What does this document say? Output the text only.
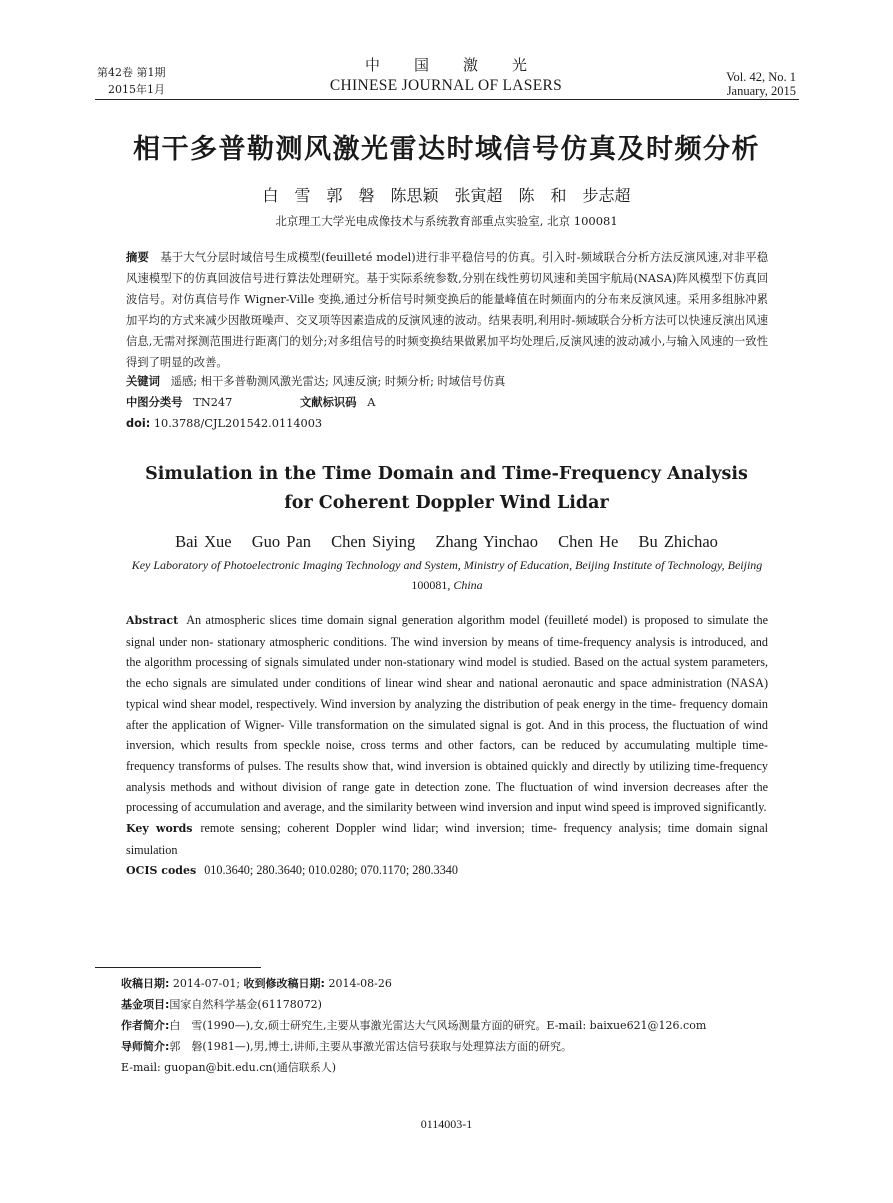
第42卷 第1期
2015年1月
中国激光
CHINESE JOURNAL OF LASERS	Vol. 42, No. 1
January, 2015
相干多普勒测风激光雷达时域信号仿真及时频分析
白　雪　郭　磐　陈思颖　张寅超　陈　和　步志超
北京理工大学光电成像技术与系统教育部重点实验室, 北京 100081
摘要 基于大气分层时域信号生成模型(feuilleté model)进行非平稳信号的仿真。引入时-频域联合分析方法反演风速,对非平稳风速模型下的仿真回波信号进行算法处理研究。基于实际系统参数,分别在线性剪切风速和美国宇航局(NASA)阵风模型下仿真回波信号。对仿真信号作 Wigner-Ville 变换,通过分析信号时频变换后的能量峰值在时频面内的分布来反演风速。采用多组脉冲累加平均的方式来减少因散斑噪声、交叉项等因素造成的反演风速的波动。结果表明,利用时-频域联合分析方法可以快速反演出风速信息,无需对探测范围进行距离门的划分;对多组信号的时频变换结果做累加平均处理后,反演风速的波动减小,与输入风速的一致性得到了明显的改善。
关键词 遥感; 相干多普勒测风激光雷达; 风速反演; 时频分析; 时域信号仿真
中图分类号 TN247	文献标识码 A
doi: 10.3788/CJL201542.0114003
Simulation in the Time Domain and Time-Frequency Analysis
for Coherent Doppler Wind Lidar
Bai Xue Guo Pan Chen Siying Zhang Yinchao Chen He Bu Zhichao
Key Laboratory of Photoelectronic Imaging Technology and System, Ministry of Education, Beijing Institute of Technology, Beijing 100081, China
Abstract An atmospheric slices time domain signal generation algorithm model (feuilleté model) is proposed to simulate the signal under non- stationary atmospheric conditions. The wind inversion by means of time-frequency analysis is introduced, and the algorithm processing of signals simulated under non-stationary wind model is studied. Based on the actual system parameters, the echo signals are simulated under conditions of linear wind shear and national aeronautic and space administration (NASA) typical wind shear model, respectively. Wind inversion by analyzing the distribution of peak energy in the time- frequency domain after the application of Wigner- Ville transformation on the simulated signal is got. And in this process, the fluctuation of wind inversion, which results from speckle noise, cross terms and other factors, can be reduced by accumulating multiple time- frequency transforms of pulses. The results show that, wind inversion is obtained quickly and directly by utilizing time-frequency analysis methods and without division of range gate in detection zone. The fluctuation of wind inversion decreases after the processing of accumulation and average, and the similarity between wind inversion and input wind speed is improved significantly.
Key words remote sensing; coherent Doppler wind lidar; wind inversion; time- frequency analysis; time domain signal simulation
OCIS codes 010.3640; 280.3640; 010.0280; 070.1170; 280.3340
收稿日期: 2014-07-01; 收到修改稿日期: 2014-08-26
基金项目:国家自然科学基金(61178072)
作者简介:白　雪(1990—),女,硕士研究生,主要从事激光雷达大气风场测量方面的研究。E-mail: baixue621@126.com
导师简介:郭　磐(1981—),男,博士,讲师,主要从事激光雷达信号获取与处理算法方面的研究。
E-mail: guopan@bit.edu.cn(通信联系人)
0114003-1
